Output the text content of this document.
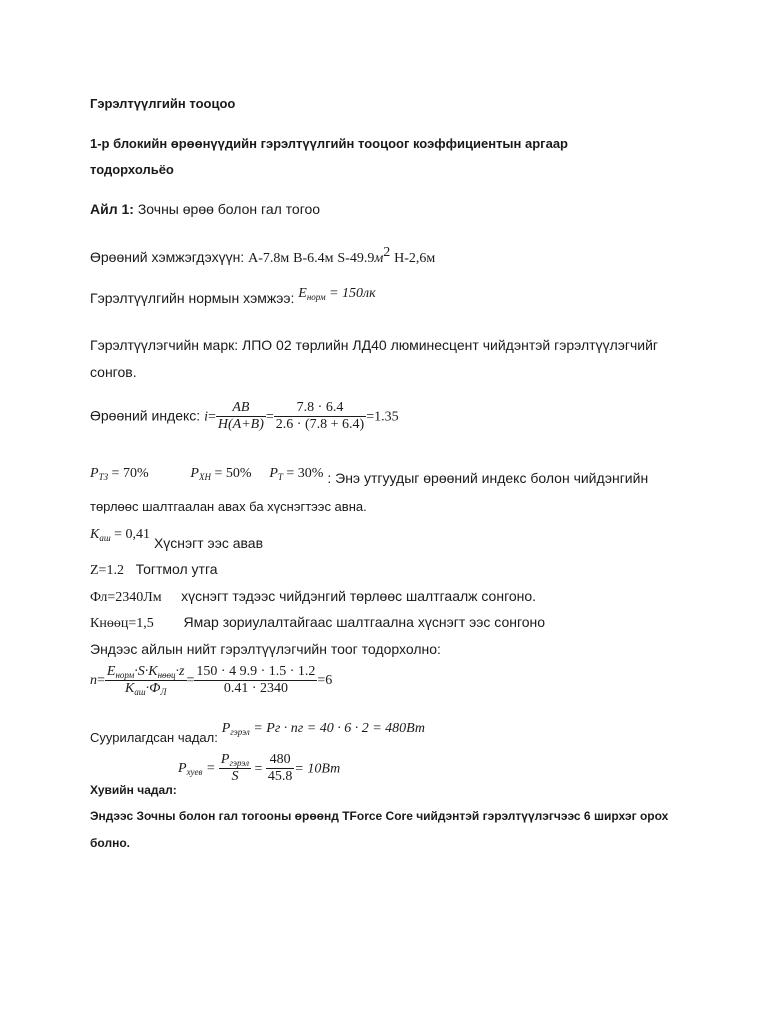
Гэрэлтүүлгийн тооцоо
1-р блокийн өрөөнүүдийн гэрэлтүүлгийн тооцоог коэффициентын аргаар
тодорхольёо
Айл 1: Зочны өрөө болон гал тогоо
Өрөөний хэмжэгдэхүүн: А-7.8м В-6.4м $S-49.9м^2$ Н-2,6м
Гэрэлтүүлгийн нормын хэмжээ: $E_{норм} = 150лк$
Гэрэлтүүлэгчийн марк: ЛПО 02 төрлийн ЛД40 люминесцент чийдэнтэй гэрэлтүүлэгчийг
сонгов.
Өрөөний индекс: $i= \frac{AB}{H(A+B)} = \frac{7.8 \cdot 6.4}{2.6 \cdot (7.8 + 6.4)} =1.35$
$P_{ТЗ} = 70\%$	$P_{ХН} = 50\%$ $P_Т = 30\%$ : Энэ утгуудыг өрөөний индекс болон чийдэнгийн
төрлөөс шалтгаалан авах ба хүснэгтээс авна.
$K_{аш} = 0,41$ Хүснэгт ээс авав
Z=1.2 Тогтмол утга
Фл=2340Лм хүснэгт тэдээс чийдэнгий төрлөөс шалтгаалж сонгоно.
Кнөөц=1,5 Ямар зориулалтайгаас шалтгаална хүснэгт ээс сонгоно
Эндээс айлын нийт гэрэлтүүлэгчийн тоог тодорхолно:
$n= \frac{E_{норм}\cdot S\cdot K_{нөөц}\cdot z}{K_{аш}\cdot Ф_Л} = \frac{150 \cdot 4 9.9 \cdot 1.5 \cdot 1.2}{0.41 \cdot 2340} =6$
Суурилагдсан чадал: $P_{гэрэл}$ = Pг · nг = 40 · 6 · 2 = 480Вт
$P_{хуев} = \frac{P_{гэрэл}}{S} = \frac{480}{45.8} = 10Вт$
Хувийн чадал:
Эндээс Зочны болон гал тогооны өрөөнд TForce Core чийдэнтэй гэрэлтүүлэгчээс 6 ширхэг орох
болно.
